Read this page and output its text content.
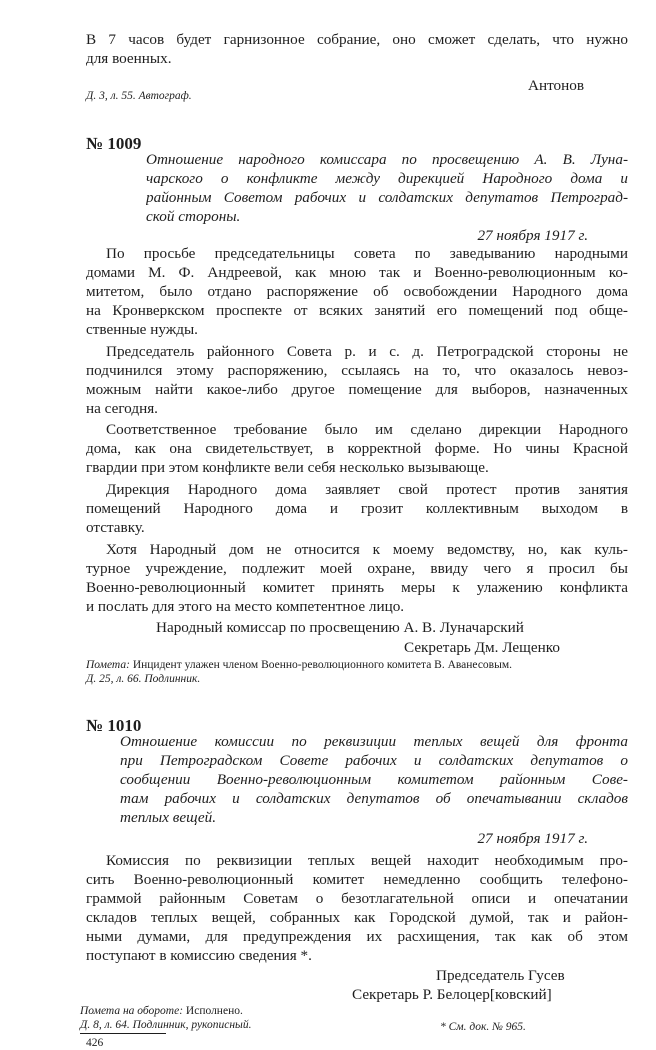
В 7 часов будет гарнизонное собрание, оно сможет сделать, что нужно

для военных.

Антонов

Д. 3, л. 55. Автограф.

№ 1009

Отношение народного комиссара по просвещению А. В. Луна-

чарского о конфликте между дирекцией Народного дома и

районным Советом рабочих и солдатских депутатов Петроград-

ской стороны.

27 ноября 1917 г.

По просьбе председательницы совета по заведыванию народными

домами М. Ф. Андреевой, как мною так и Военно-революционным ко-

митетом, было отдано распоряжение об освобождении Народного дома

на Кронверкском проспекте от всяких занятий его помещений под обще-

ственные нужды.

Председатель районного Совета р. и с. д. Петроградской стороны не

подчинился этому распоряжению, ссылаясь на то, что оказалось невоз-

можным найти какое-либо другое помещение для выборов, назначенных

на сегодня.

Соответственное требование было им сделано дирекции Народного

дома, как она свидетельствует, в корректной форме. Но чины Красной

гвардии при этом конфликте вели себя несколько вызывающе.

Дирекция Народного дома заявляет свой протест против занятия

помещений Народного дома и грозит коллективным выходом в

отставку.

Хотя Народный дом не относится к моему ведомству, но, как куль-

турное учреждение, подлежит моей охране, ввиду чего я просил бы

Военно-революционный комитет принять меры к улажению конфликта

и послать для этого на место компетентное лицо.

Народный комиссар по просвещению А. В. Луначарский

Секретарь Дм. Лещенко

Помета: Инцидент улажен членом Военно-революционного комитета В. Аванесовым.

Д. 25, л. 66. Подлинник.

№ 1010

Отношение комиссии по реквизиции теплых вещей для фронта

при Петроградском Совете рабочих и солдатских депутатов о

сообщении Военно-революционным комитетом районным Сове-

там рабочих и солдатских депутатов об опечатывании складов

теплых вещей.

27 ноября 1917 г.

Комиссия по реквизиции теплых вещей находит необходимым про-

сить Военно-революционный комитет немедленно сообщить телефоно-

граммой районным Советам о безотлагательной описи и опечатании

складов теплых вещей, собранных как Городской думой, так и район-

ными думами, для предупреждения их расхищения, так как об этом

поступают в комиссию сведения *.

Председатель Гусев

Секретарь Р. Белоцер[ковский]

Помета на обороте: Исполнено.

Д. 8, л. 64. Подлинник, рукописный.	* См. док. № 965.

426
